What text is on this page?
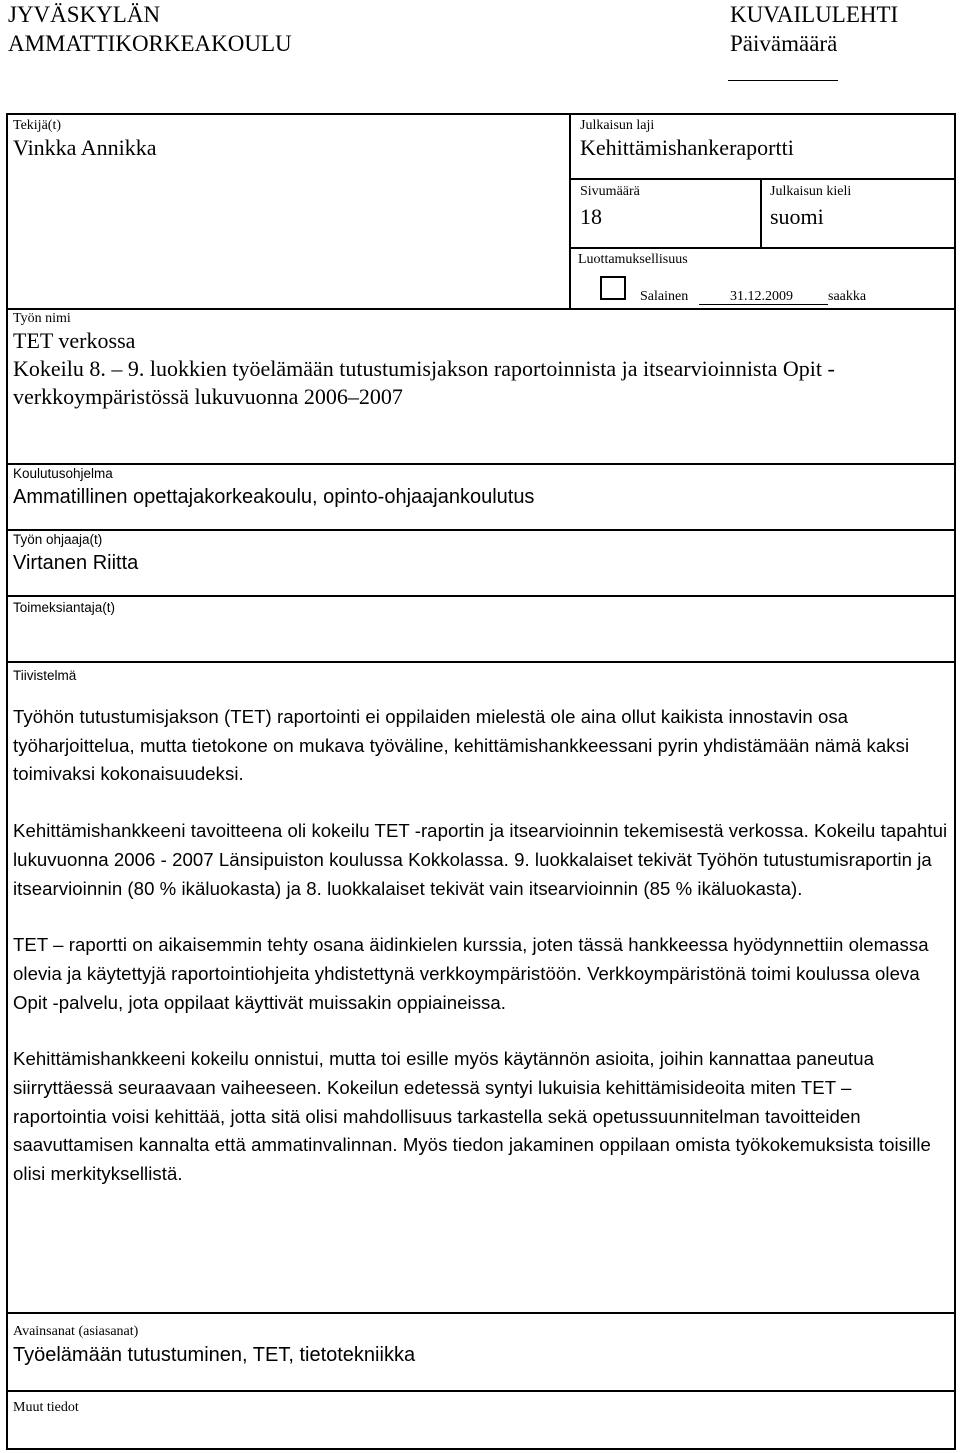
JYVÄSKYLÄN
AMMATTIKORKEAKOULU
KUVAILULEHTI
Päivämäärä
Tekijä(t)
Vinkka Annikka
Julkaisun laji
Kehittämishankeraportti
Sivumäärä
18
Julkaisun kieli
suomi
Luottamuksellisuus
Salainen	31.12.2009	saakka
Työn nimi
TET verkossa
Kokeilu 8. – 9. luokkien työelämään tutustumisjakson raportoinnista ja itsearvioinnista Opit -
verkkoympäristössä lukuvuonna 2006–2007
Koulutusohjelma
Ammatillinen opettajakorkeakoulu, opinto-ohjaajankoulutus
Työn ohjaaja(t)
Virtanen Riitta
Toimeksiantaja(t)
Tiivistelmä

Työhön tutustumisjakson (TET) raportointi ei oppilaiden mielestä ole aina ollut kaikista innostavin osa työharjoittelua, mutta tietokone on mukava työväline, kehittämishankkeessani pyrin yhdistämään nämä kaksi toimivaksi kokonaisuudeksi.

Kehittämishankkeeni tavoitteena oli kokeilu TET -raportin ja itsearvioinnin tekemisestä verkossa. Kokeilu tapahtui lukuvuonna 2006 - 2007 Länsipuiston koulussa Kokkolassa. 9. luokkalaiset tekivät Työhön tutustumisraportin ja itsearvioinnin (80 % ikäluokasta) ja 8. luokkalaiset tekivät vain itsearvioinnin (85 % ikäluokasta).

TET – raportti on aikaisemmin tehty osana äidinkielen kurssia, joten tässä hankkeessa hyödynnettiin olemassa olevia ja käytettyjä raportointiohjeita yhdistettynä verkkoympäristöön. Verkkoympäristönä toimi koulussa oleva Opit -palvelu, jota oppilaat käyttivät muissakin oppiaineissa.

Kehittämishankkeeni kokeilu onnistui, mutta toi esille myös käytännön asioita, joihin kannattaa paneutua siirryttäessä seuraavaan vaiheeseen. Kokeilun edetessä syntyi lukuisia kehittämisideoita miten TET – raportointia voisi kehittää, jotta sitä olisi mahdollisuus tarkastella sekä opetussuunnitelman tavoitteiden saavuttamisen kannalta että ammatinvalinnan. Myös tiedon jakaminen oppilaan omista työkokemuksista toisille olisi merkityksellistä.

Avainsanat (asiasanat)
Työelämään tutustuminen, TET, tietotekniikka
Muut tiedot
